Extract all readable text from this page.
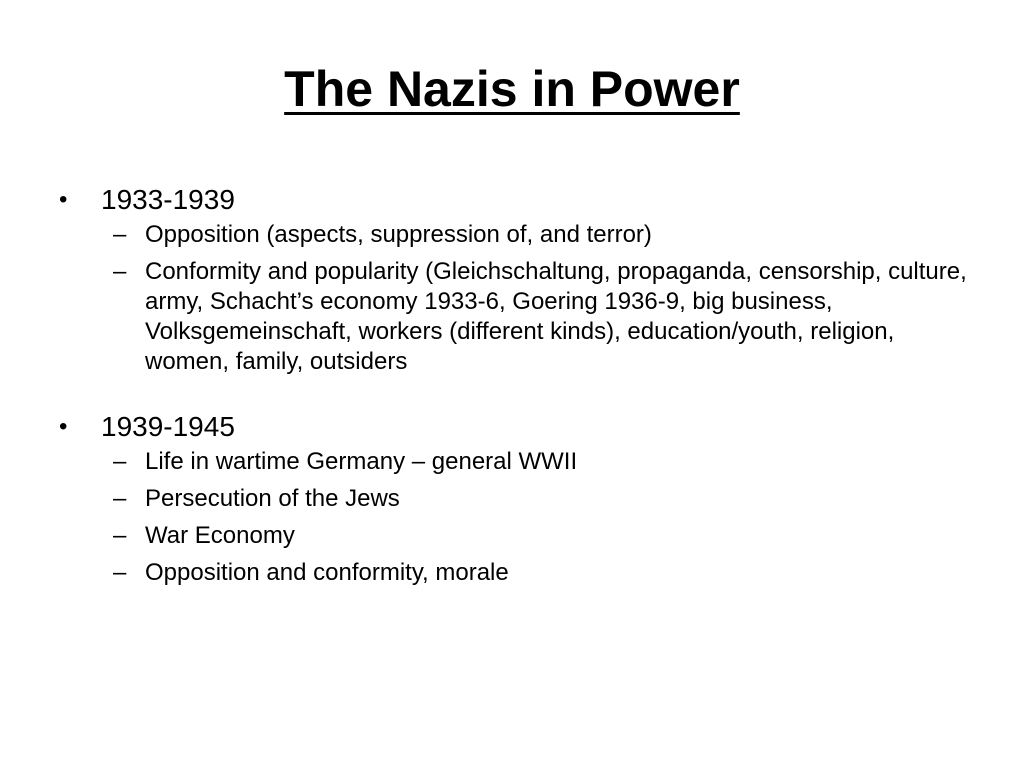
The Nazis in Power
• 1933-1939
– Opposition (aspects, suppression of, and terror)
– Conformity and popularity (Gleichschaltung, propaganda, censorship, culture, army, Schacht’s economy 1933-6, Goering 1936-9, big business, Volksgemeinschaft, workers (different kinds), education/youth, religion, women, family, outsiders
• 1939-1945
– Life in wartime Germany – general WWII
– Persecution of the Jews
– War Economy
– Opposition and conformity, morale
